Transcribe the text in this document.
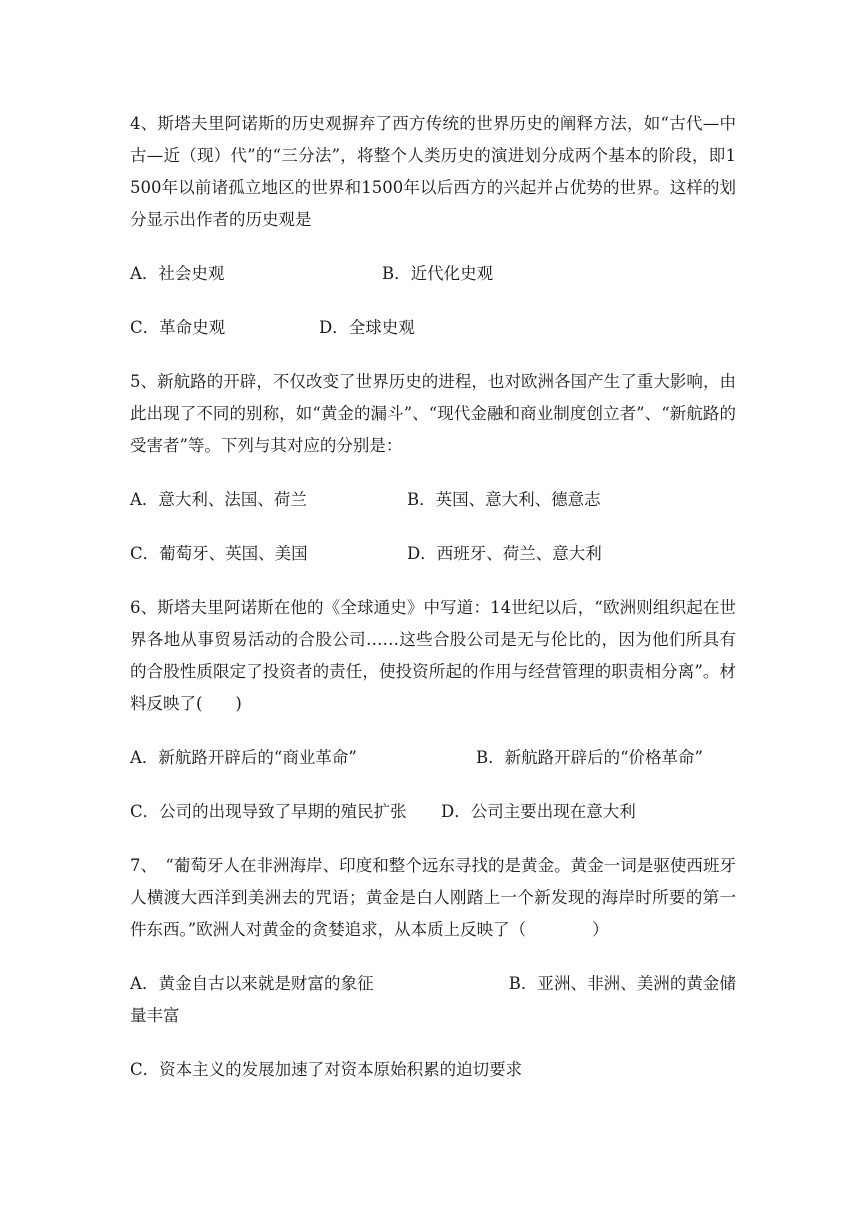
4、斯塔夫里阿诺斯的历史观摒弃了西方传统的世界历史的阐释方法，如“古代—中古—近（现）代”的“三分法”，将整个人类历史的演进划分成两个基本的阶段，即1500年以前诸孤立地区的世界和1500年以后西方的兴起并占优势的世界。这样的划分显示出作者的历史观是

A．社会史观	B．近代化史观
C．革命史观	D．全球史观

5、新航路的开辟，不仅改变了世界历史的进程，也对欧洲各国产生了重大影响，由此出现了不同的别称，如“黄金的漏斗”、“现代金融和商业制度创立者”、“新航路的受害者”等。下列与其对应的分别是：

A．意大利、法国、荷兰	B．英国、意大利、德意志
C．葡萄牙、英国、美国	D．西班牙、荷兰、意大利

6、斯塔夫里阿诺斯在他的《全球通史》中写道：14世纪以后，“欧洲则组织起在世界各地从事贸易活动的合股公司……这些合股公司是无与伦比的，因为他们所具有的合股性质限定了投资者的责任，使投资所起的作用与经营管理的职责相分离”。材料反映了(　　)

A．新航路开辟后的“商业革命”	B．新航路开辟后的“价格革命”
C．公司的出现导致了早期的殖民扩张 D．公司主要出现在意大利

7、　“葡萄牙人在非洲海岸、印度和整个远东寻找的是黄金。黄金一词是驱使西班牙人横渡大西洋到美洲去的咒语；黄金是白人刚踏上一个新发现的海岸时所要的第一件东西。”欧洲人对黄金的贪婪追求，从本质上反映了（　　　　）

A．黄金自古以来就是财富的象征	B．亚洲、非洲、美洲的黄金储量丰富

C．资本主义的发展加速了对资本原始积累的迫切要求
